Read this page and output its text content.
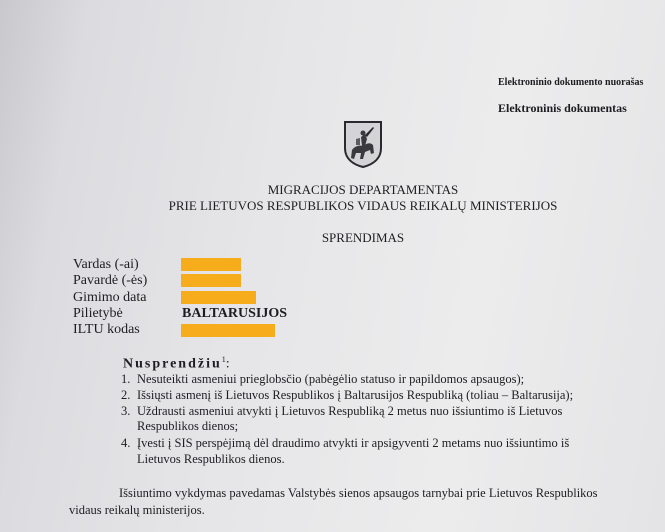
Elektroninio dokumento nuorašas
Elektroninis dokumentas
MIGRACIJOS DEPARTAMENTAS
PRIE LIETUVOS RESPUBLIKOS VIDAUS REIKALŲ MINISTERIJOS
SPRENDIMAS
Vardas (-ai)
Pavardė (-ės)
Gimimo data
Pilietybė	BALTARUSIJOS
ILTU kodas
Nusprendžiu$^1$:
1. Nesuteikti asmeniui prieglobsčio (pabėgėlio statuso ir papildomos apsaugos);
2. Išsiųsti asmenį iš Lietuvos Respublikos į Baltarusijos Respubliką (toliau – Baltarusija);
3. Uždrausti asmeniui atvykti į Lietuvos Respubliką 2 metus nuo išsiuntimo iš Lietuvos
Respublikos dienos;
4. Įvesti į SIS perspėjimą dėl draudimo atvykti ir apsigyventi 2 metams nuo išsiuntimo iš
Lietuvos Respublikos dienos.
Išsiuntimo vykdymas pavedamas Valstybės sienos apsaugos tarnybai prie Lietuvos Respublikos
vidaus reikalų ministerijos.
